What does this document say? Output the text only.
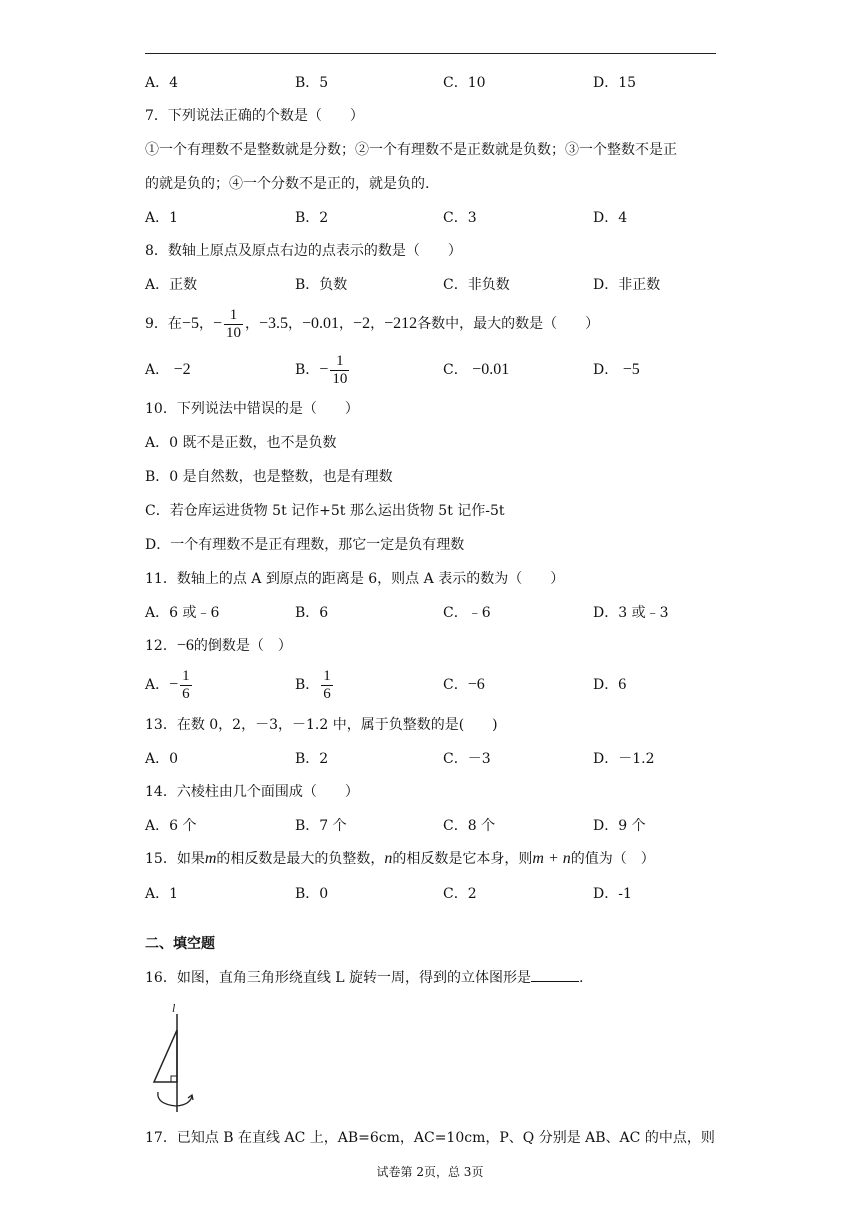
A．4	B．5	C．10	D．15
7．下列说法正确的个数是（　　）
①一个有理数不是整数就是分数；②一个有理数不是正数就是负数；③一个整数不是正
的就是负的；④一个分数不是正的，就是负的.
A．1	B．2	C．3	D．4
8．数轴上原点及原点右边的点表示的数是（　　）
A．正数	B．负数	C．非负数	D．非正数
9．在−5，− $\frac{1}{10}$ ，−3.5，−0.01，−2，−212各数中，最大的数是（　　）
A． −2	B．− $\frac{1}{10}$	C． −0.01	D． −5
10．下列说法中错误的是（　　）
A．0 既不是正数，也不是负数
B．0 是自然数，也是整数，也是有理数
C．若仓库运进货物 5t 记作+5t 那么运出货物 5t 记作-5t
D．一个有理数不是正有理数，那它一定是负有理数
11．数轴上的点 A 到原点的距离是 6，则点 A 表示的数为（　　）
A．6 或﹣6	B．6	C．﹣6	D．3 或﹣3
12．−6的倒数是（　）
A．− $\frac{1}{6}$	B． $\frac{1}{6}$	C．−6	D．6
13．在数 0，2，－3，－1.2 中，属于负整数的是(　　)
A．0	B．2	C．－3	D．－1.2
14．六棱柱由几个面围成（　　）
A．6 个	B．7 个	C．8 个	D．9 个
15．如果m的相反数是最大的负整数，n的相反数是它本身，则m + n的值为（　）
A．1	B．0	C．2	D．-1
二、填空题
16．如图，直角三角形绕直线 L 旋转一周，得到的立体图形是	.
l
17．已知点 B 在直线 AC 上，AB=6cm，AC=10cm，P、Q 分别是 AB、AC 的中点，则
试卷第 2页，总 3页
